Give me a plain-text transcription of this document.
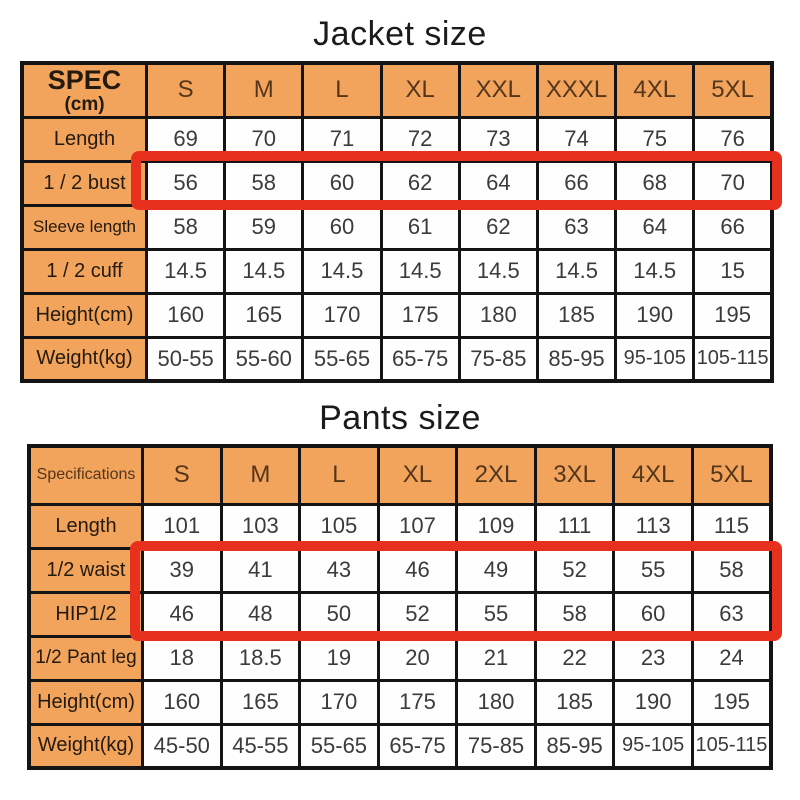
Jacket size
SPEC
(cm)	S	M	L	XL	XXL	XXXL	4XL	5XL
Length	69	70	71	72	73	74	75	76
1 / 2 bust	56	58	60	62	64	66	68	70
Sleeve length	58	59	60	61	62	63	64	66
1 / 2 cuff	14.5	14.5	14.5	14.5	14.5	14.5	14.5	15
Height(cm)	160	165	170	175	180	185	190	195
Weight(kg)	50-55	55-60	55-65	65-75	75-85	85-95	95-105	105-115
Pants size
Specifications	S	M	L	XL	2XL	3XL	4XL	5XL
Length	101	103	105	107	109	111	113	115
1/2 waist	39	41	43	46	49	52	55	58
HIP1/2	46	48	50	52	55	58	60	63
1/2 Pant leg	18	18.5	19	20	21	22	23	24
Height(cm)	160	165	170	175	180	185	190	195
Weight(kg)	45-50	45-55	55-65	65-75	75-85	85-95	95-105	105-115
